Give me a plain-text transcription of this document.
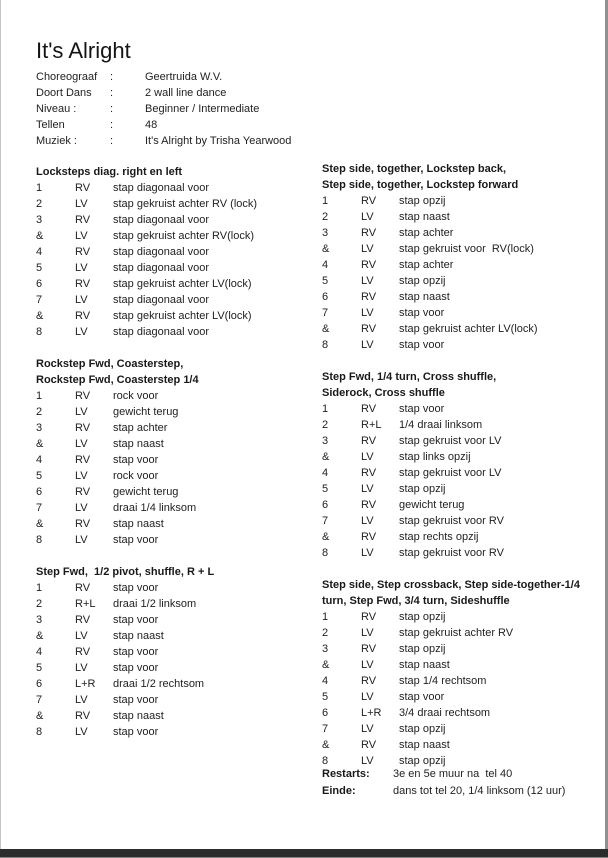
It's Alright
Choreograaf	:	Geertruida W.V.
Doort Dans	:	2 wall line dance
Niveau :	:	Beginner / Intermediate
Tellen	:	48
Muziek :	:	It's Alright by Trisha Yearwood
Locksteps diag. right en left
1	RV	stap diagonaal voor
2	LV	stap gekruist achter RV (lock)
3	RV	stap diagonaal voor
&	LV	stap gekruist achter RV(lock)
4	RV	stap diagonaal voor
5	LV	stap diagonaal voor
6	RV	stap gekruist achter LV(lock)
7	LV	stap diagonaal voor
&	RV	stap gekruist achter LV(lock)
8	LV	stap diagonaal voor
Rockstep Fwd, Coasterstep,
Rockstep Fwd, Coasterstep 1/4
1	RV	rock voor
2	LV	gewicht terug
3	RV	stap achter
&	LV	stap naast
4	RV	stap voor
5	LV	rock voor
6	RV	gewicht terug
7	LV	draai 1/4 linksom
&	RV	stap naast
8	LV	stap voor
Step Fwd,  1/2 pivot, shuffle, R + L
1	RV	stap voor
2	R+L	draai 1/2 linksom
3	RV	stap voor
&	LV	stap naast
4	RV	stap voor
5	LV	stap voor
6	L+R	draai 1/2 rechtsom
7	LV	stap voor
&	RV	stap naast
8	LV	stap voor
Step side, together, Lockstep back,
Step side, together, Lockstep forward
1	RV	stap opzij
2	LV	stap naast
3	RV	stap achter
&	LV	stap gekruist voor  RV(lock)
4	RV	stap achter
5	LV	stap opzij
6	RV	stap naast
7	LV	stap voor
&	RV	stap gekruist achter LV(lock)
8	LV	stap voor
Step Fwd, 1/4 turn, Cross shuffle,
Siderock, Cross shuffle
1	RV	stap voor
2	R+L	1/4 draai linksom
3	RV	stap gekruist voor LV
&	LV	stap links opzij
4	RV	stap gekruist voor LV
5	LV	stap opzij
6	RV	gewicht terug
7	LV	stap gekruist voor RV
&	RV	stap rechts opzij
8	LV	stap gekruist voor RV
Step side, Step crossback, Step side-together-1/4
turn, Step Fwd, 3/4 turn, Sideshuffle
1	RV	stap opzij
2	LV	stap gekruist achter RV
3	RV	stap opzij
&	LV	stap naast
4	RV	stap 1/4 rechtsom
5	LV	stap voor
6	L+R	3/4 draai rechtsom
7	LV	stap opzij
&	RV	stap naast
8	LV	stap opzij
Restarts:	3e en 5e muur na  tel 40
Einde:	dans tot tel 20, 1/4 linksom (12 uur)
